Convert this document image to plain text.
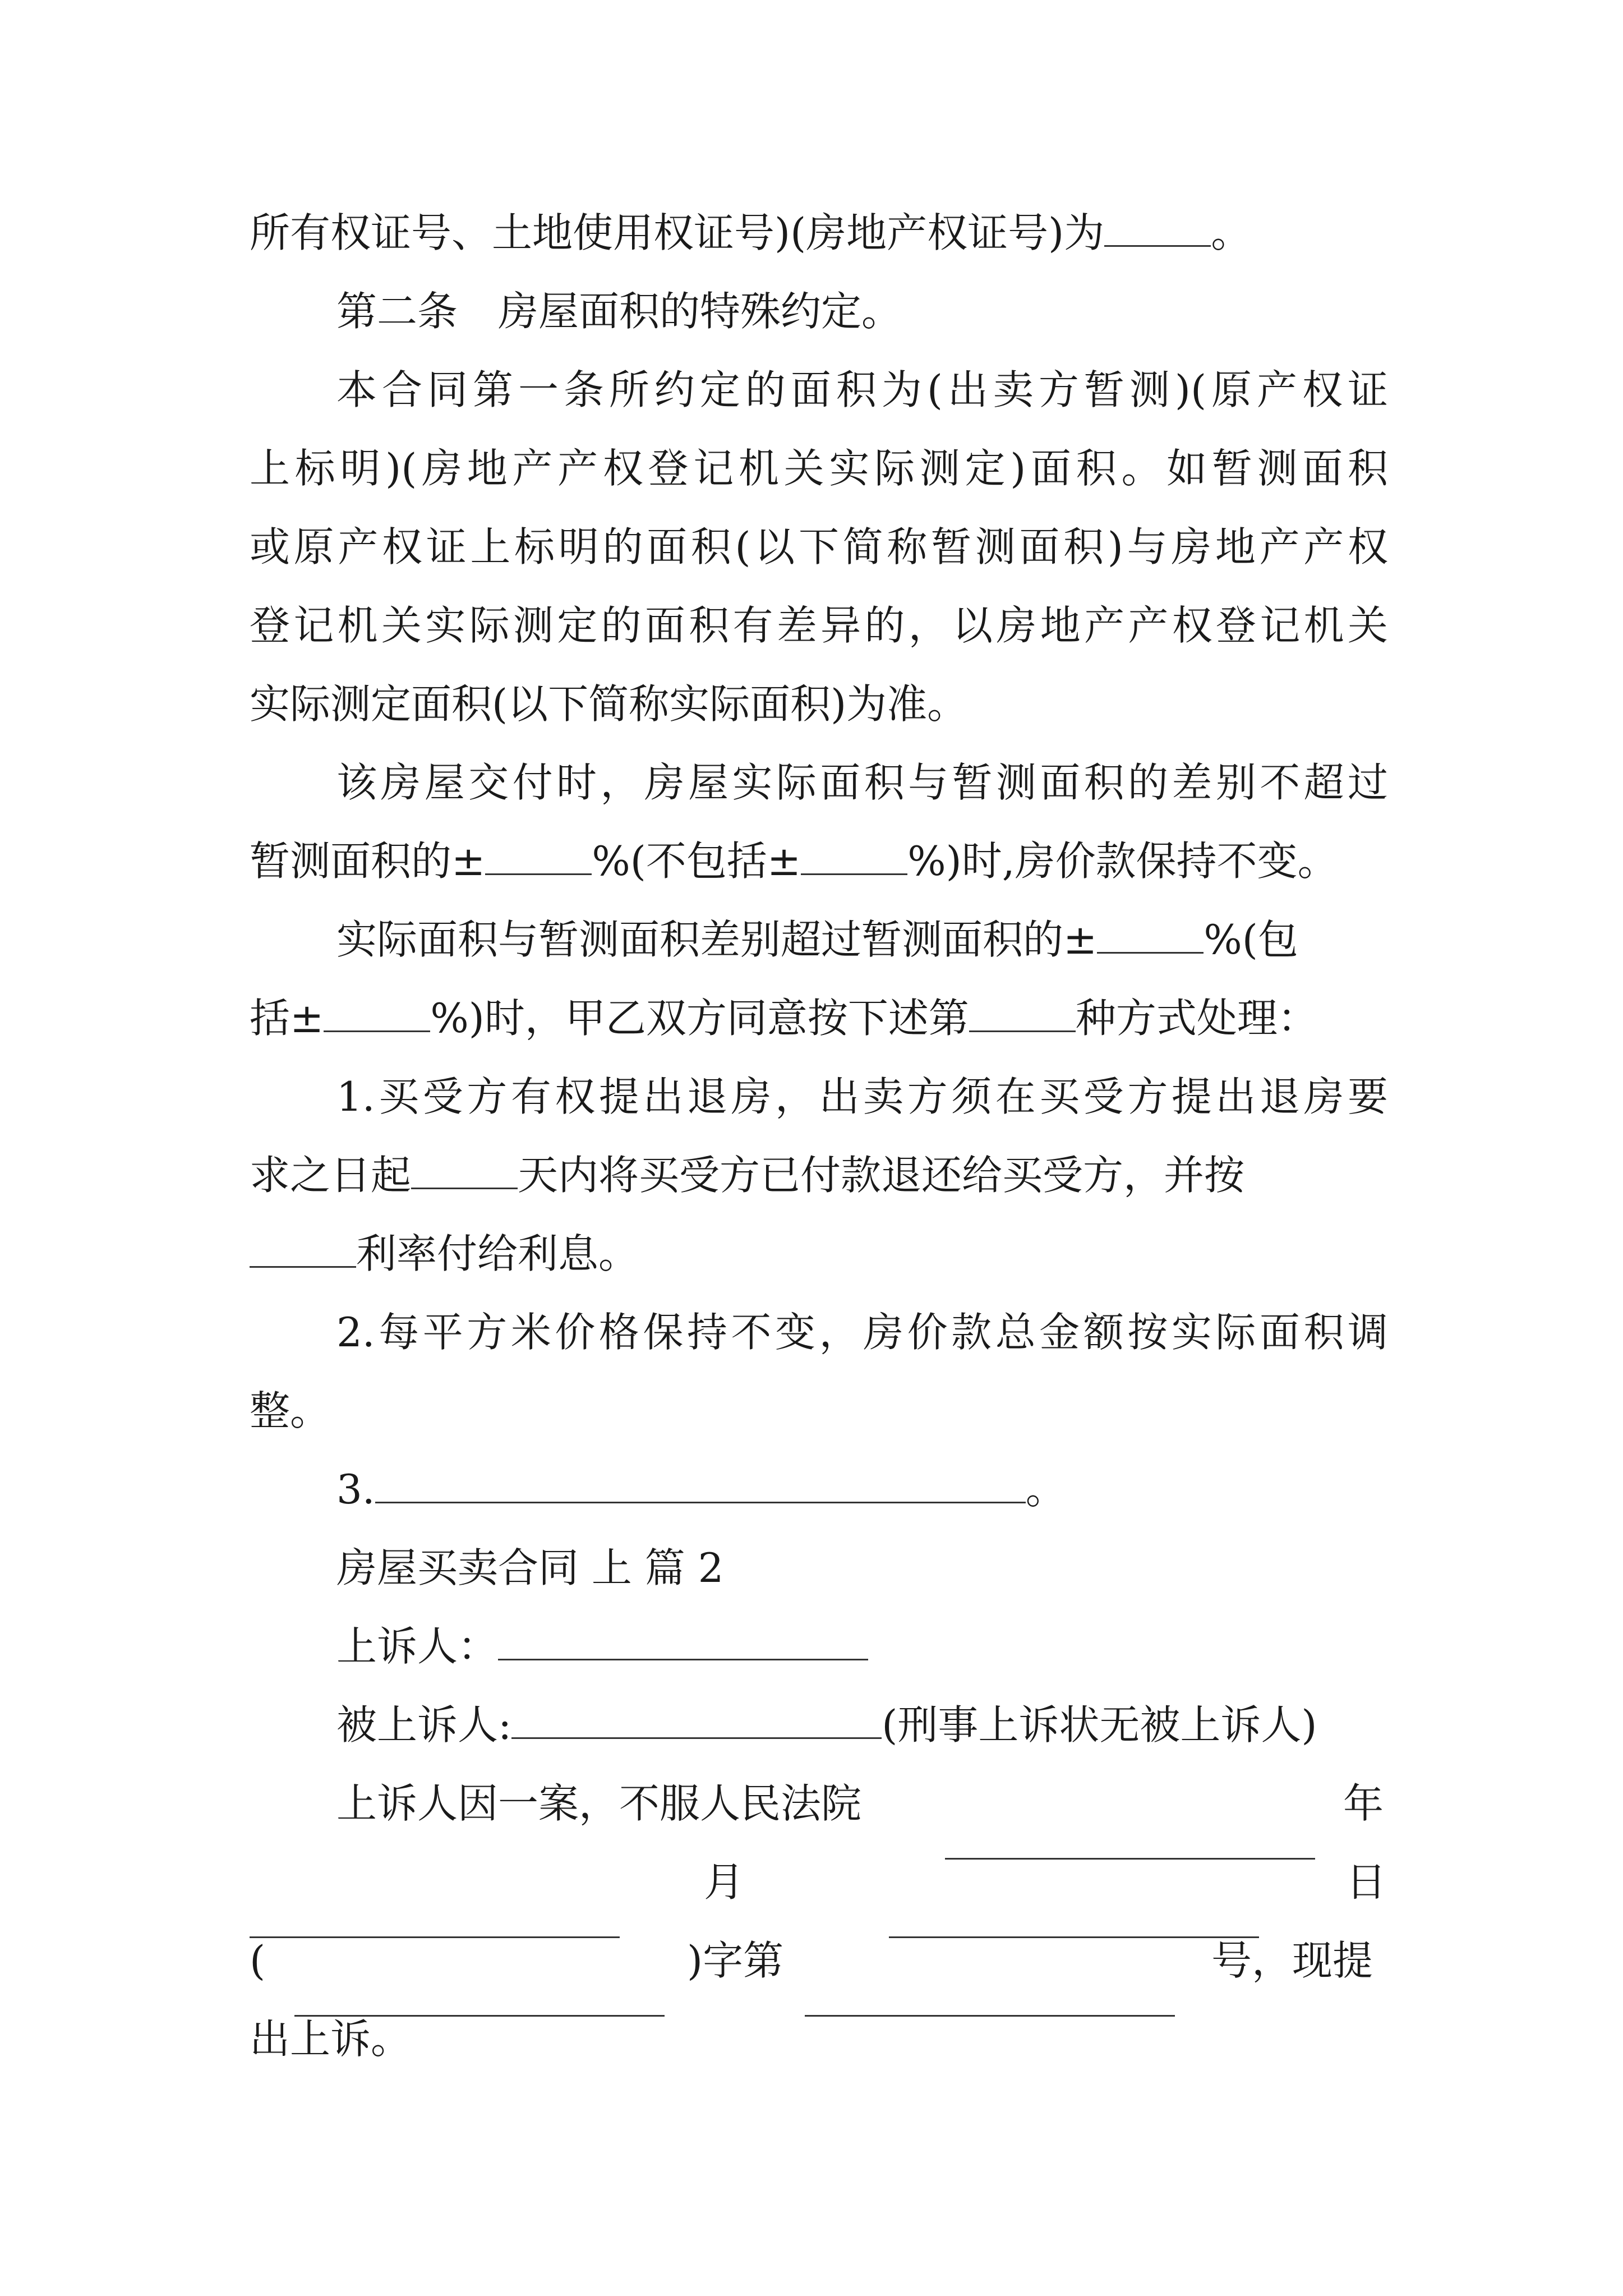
所有权证号、土地使用权证号)(房地产权证号)为	。
第二条　房屋面积的特殊约定。
本合同第一条所约定的面积为(出卖方暂测)(原产权证
上标明)(房地产产权登记机关实际测定)面积。如暂测面积
或原产权证上标明的面积(以下简称暂测面积)与房地产产权
登记机关实际测定的面积有差异的，以房地产产权登记机关
实际测定面积(以下简称实际面积)为准。
该房屋交付时，房屋实际面积与暂测面积的差别不超过
暂测面积的±	%(不包括±	%)时,房价款保持不变。
实际面积与暂测面积差别超过暂测面积的±	%(包
括±	%)时，甲乙双方同意按下述第	种方式处理：
1.买受方有权提出退房，出卖方须在买受方提出退房要
求之日起	天内将买受方已付款退还给买受方，并按
利率付给利息。
2.每平方米价格保持不变，房价款总金额按实际面积调
整。
3.	。
房屋买卖合同 上 篇 2
上诉人：
被上诉人:	(刑事上诉状无被上诉人)
上诉人因一案，不服人民法院	年
月	日
(	)字第	号，现提
出上诉。
